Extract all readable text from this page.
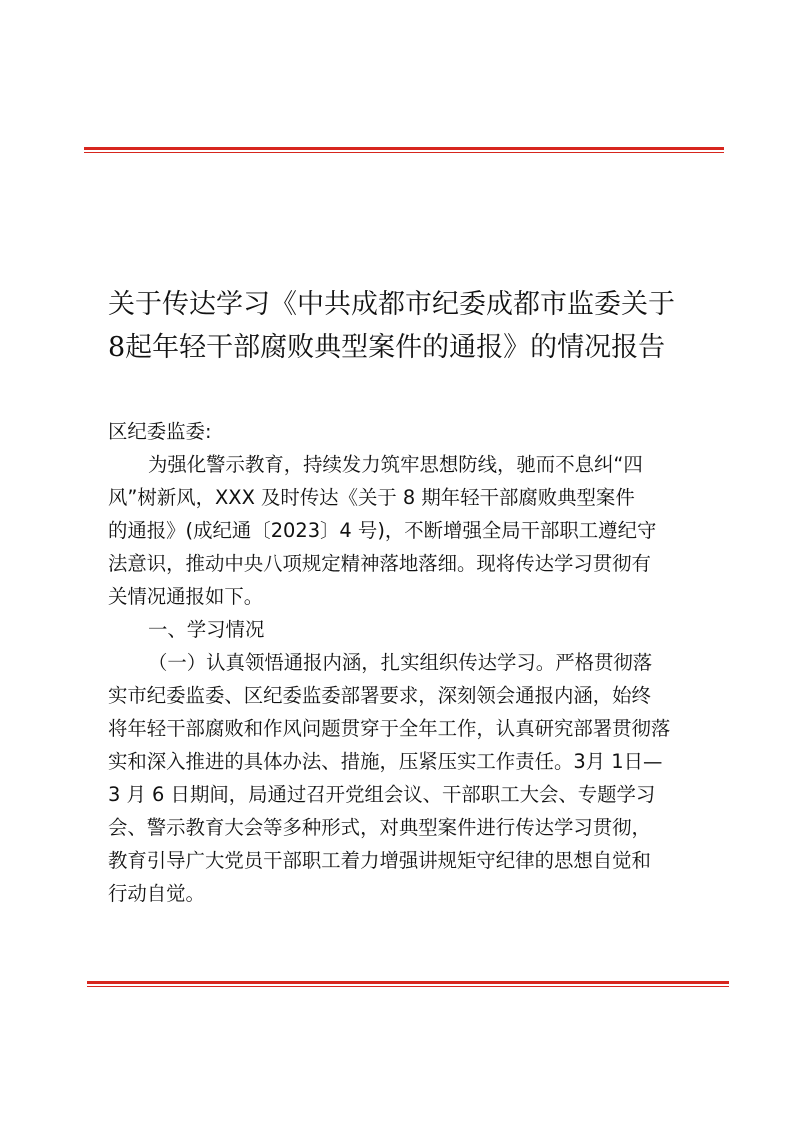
关于传达学习《中共成都市纪委成都市监委关于
8起年轻干部腐败典型案件的通报》的情况报告
区纪委监委:
为强化警示教育，持续发力筑牢思想防线，驰而不息纠“四
风”树新风，XXX 及时传达《关于 8 期年轻干部腐败典型案件
的通报》(成纪通〔2023〕4 号)，不断增强全局干部职工遵纪守
法意识，推动中央八项规定精神落地落细。现将传达学习贯彻有
关情况通报如下。
一、学习情况
（一）认真领悟通报内涵，扎实组织传达学习。严格贯彻落
实市纪委监委、区纪委监委部署要求，深刻领会通报内涵，始终
将年轻干部腐败和作风问题贯穿于全年工作，认真研究部署贯彻落
实和深入推进的具体办法、措施，压紧压实工作责任。3月 1日—
3 月 6 日期间，局通过召开党组会议、干部职工大会、专题学习
会、警示教育大会等多种形式，对典型案件进行传达学习贯彻，
教育引导广大党员干部职工着力增强讲规矩守纪律的思想自觉和
行动自觉。
